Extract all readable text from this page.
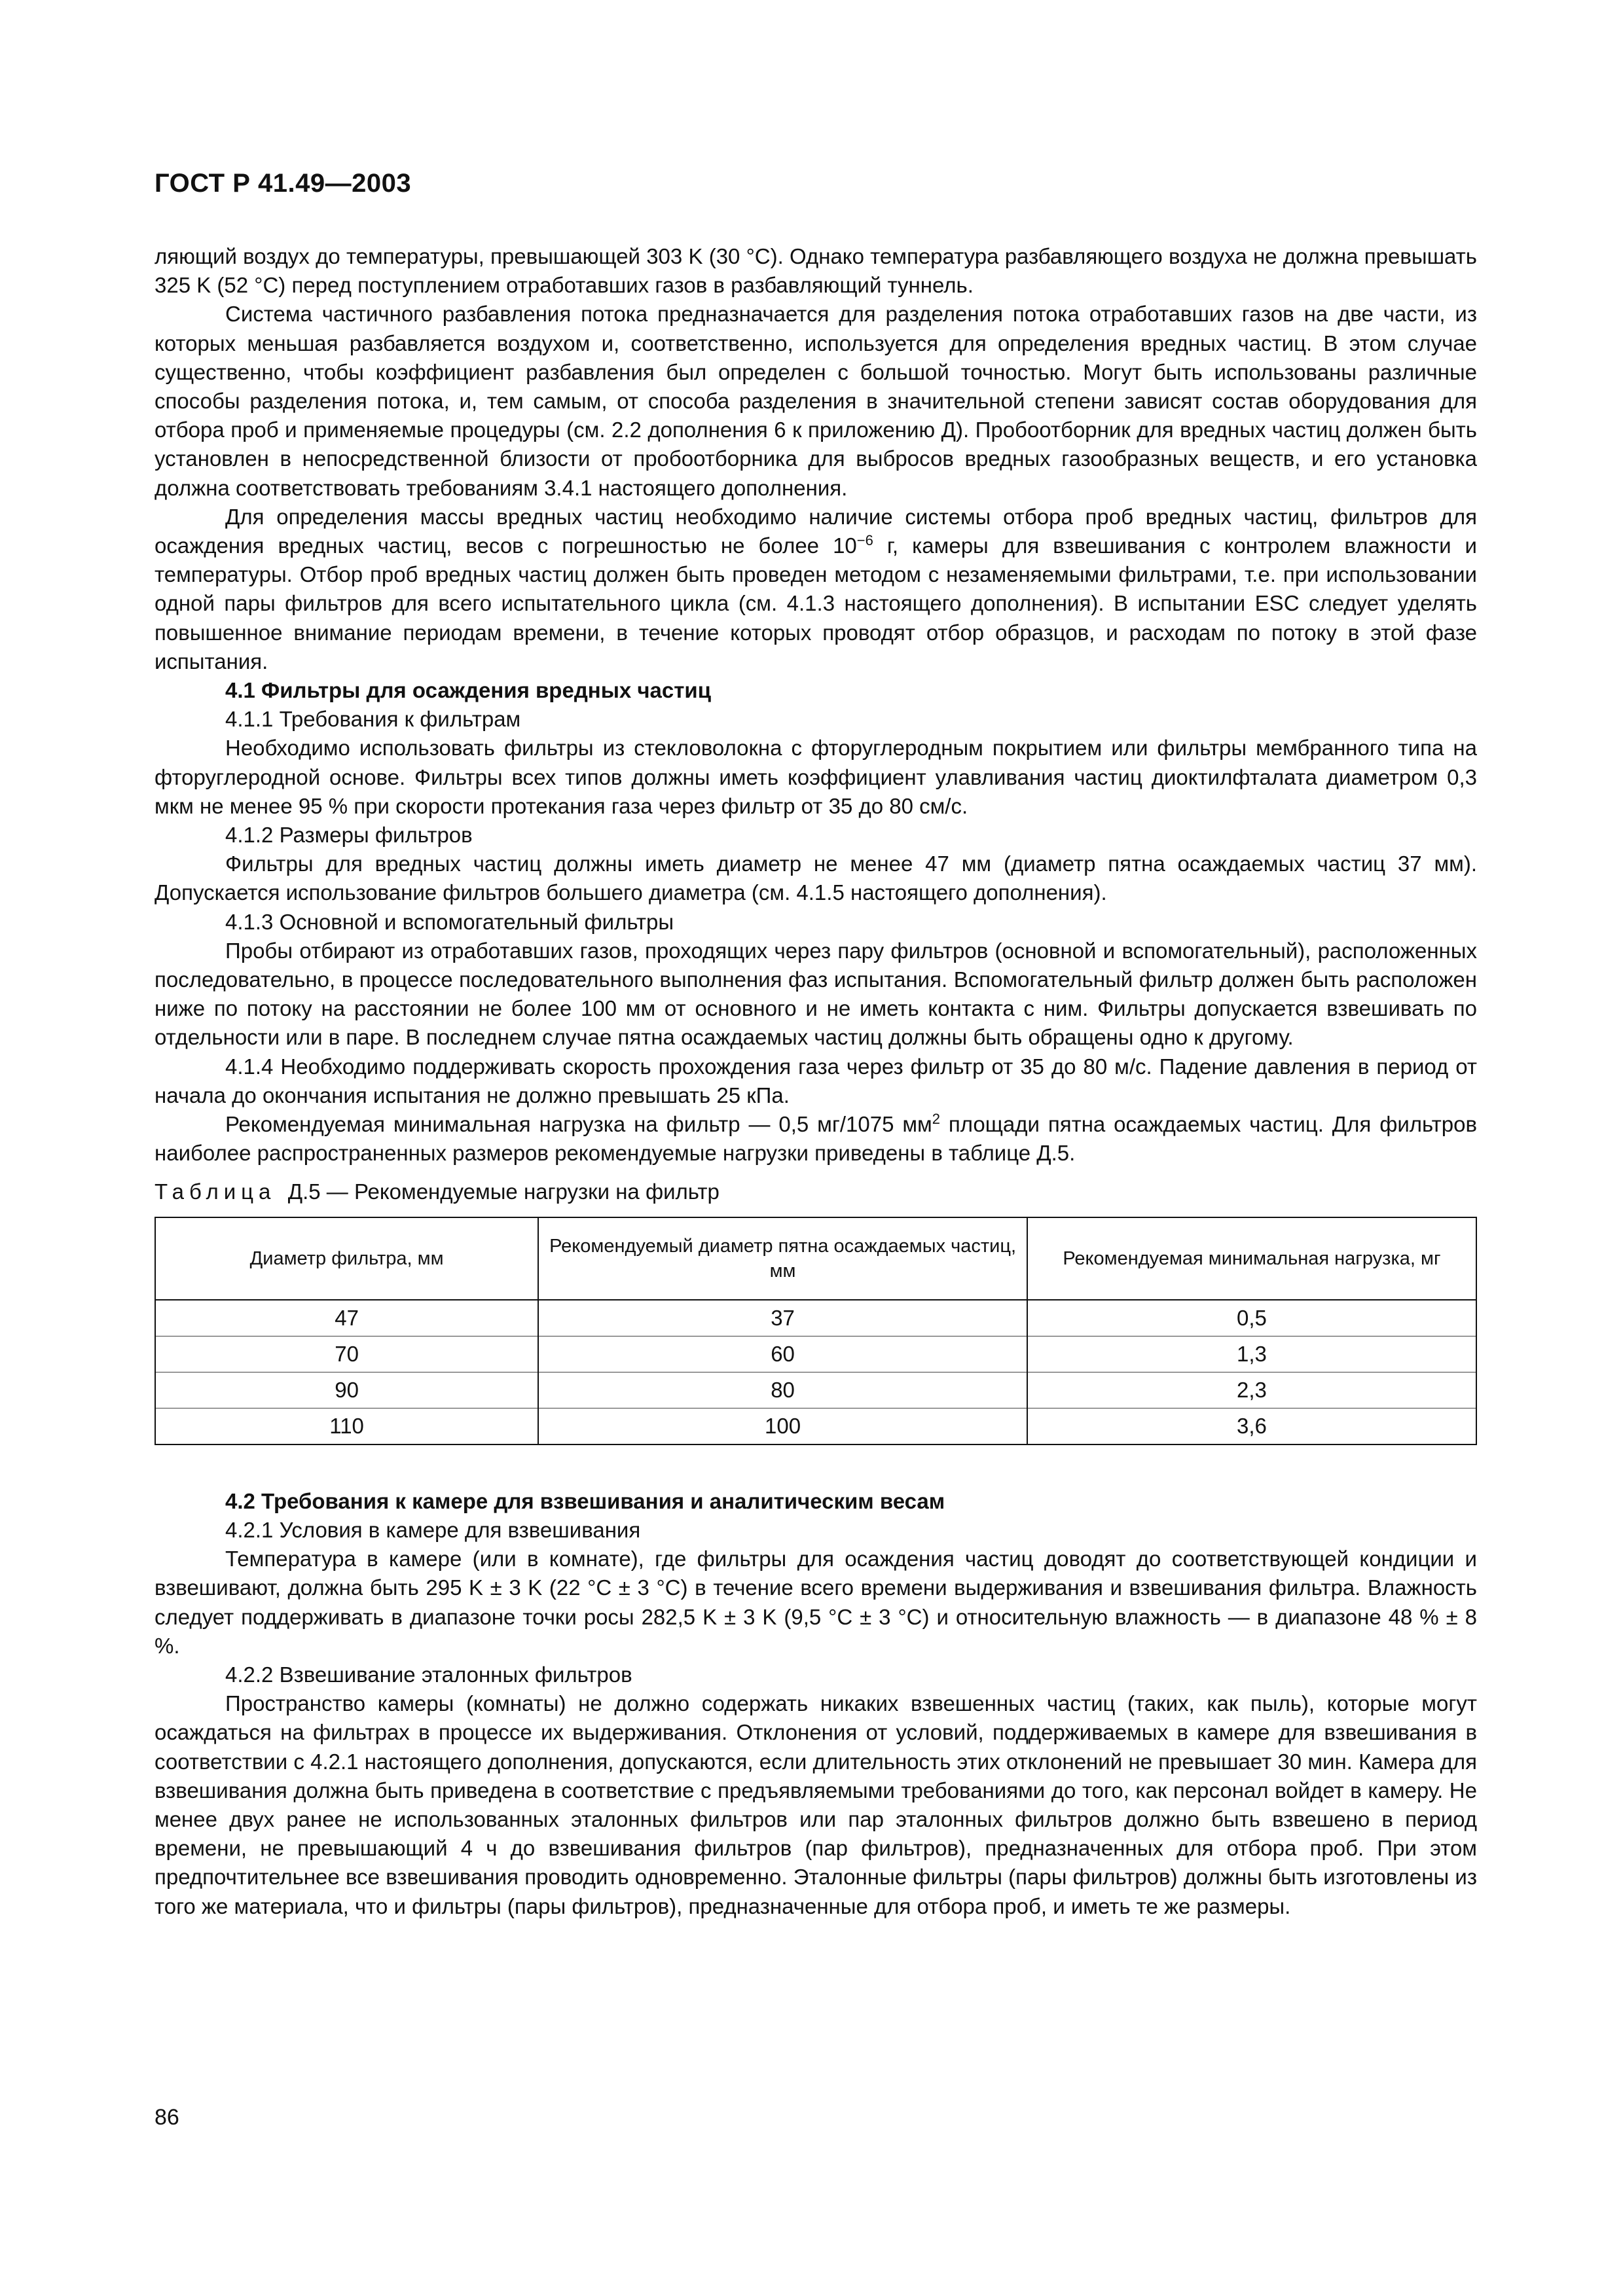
ГОСТ Р 41.49—2003

ляющий воздух до температуры, превышающей 303 K (30 °С). Однако температура разбавляющего воздуха не должна превышать 325 K (52 °С) перед поступлением отработавших газов в разбавляющий туннель.

Система частичного разбавления потока предназначается для разделения потока отработавших газов на две части, из которых меньшая разбавляется воздухом и, соответственно, используется для определения вредных частиц. В этом случае существенно, чтобы коэффициент разбавления был определен с большой точностью. Могут быть использованы различные способы разделения потока, и, тем самым, от способа разделения в значительной степени зависят состав оборудования для отбора проб и применяемые процедуры (см. 2.2 дополнения 6 к приложению Д). Пробоотборник для вредных частиц должен быть установлен в непосредственной близости от пробоотборника для выбросов вредных газообразных веществ, и его установка должна соответствовать требованиям 3.4.1 настоящего дополнения.

Для определения массы вредных частиц необходимо наличие системы отбора проб вредных частиц, фильтров для осаждения вредных частиц, весов с погрешностью не более $10^{-6}$ г, камеры для взвешивания с контролем влажности и температуры. Отбор проб вредных частиц должен быть проведен методом с незаменяемыми фильтрами, т.е. при использовании одной пары фильтров для всего испытательного цикла (см. 4.1.3 настоящего дополнения). В испытании ESC следует уделять повышенное внимание периодам времени, в течение которых проводят отбор образцов, и расходам по потоку в этой фазе испытания.

4.1 Фильтры для осаждения вредных частиц

4.1.1 Требования к фильтрам

Необходимо использовать фильтры из стекловолокна с фторуглеродным покрытием или фильтры мембранного типа на фторуглеродной основе. Фильтры всех типов должны иметь коэффициент улавливания частиц диоктилфталата диаметром 0,3 мкм не менее 95 % при скорости протекания газа через фильтр от 35 до 80 см/с.

4.1.2 Размеры фильтров

Фильтры для вредных частиц должны иметь диаметр не менее 47 мм (диаметр пятна осаждаемых частиц 37 мм). Допускается использование фильтров большего диаметра (см. 4.1.5 настоящего дополнения).

4.1.3 Основной и вспомогательный фильтры

Пробы отбирают из отработавших газов, проходящих через пару фильтров (основной и вспомогательный), расположенных последовательно, в процессе последовательного выполнения фаз испытания. Вспомогательный фильтр должен быть расположен ниже по потоку на расстоянии не более 100 мм от основного и не иметь контакта с ним. Фильтры допускается взвешивать по отдельности или в паре. В последнем случае пятна осаждаемых частиц должны быть обращены одно к другому.

4.1.4 Необходимо поддерживать скорость прохождения газа через фильтр от 35 до 80 м/с. Падение давления в период от начала до окончания испытания не должно превышать 25 кПа.

Рекомендуемая минимальная нагрузка на фильтр — 0,5 мг/1075 $мм^2$ площади пятна осаждаемых частиц. Для фильтров наиболее распространенных размеров рекомендуемые нагрузки приведены в таблице Д.5.

Таблица Д.5 — Рекомендуемые нагрузки на фильтр

Диаметр фильтра, мм	Рекомендуемый диаметр пятна осаждаемых частиц, мм	Рекомендуемая минимальная нагрузка, мг
47	37	0,5
70	60	1,3
90	80	2,3
110	100	3,6

4.2 Требования к камере для взвешивания и аналитическим весам

4.2.1 Условия в камере для взвешивания

Температура в камере (или в комнате), где фильтры для осаждения частиц доводят до соответствующей кондиции и взвешивают, должна быть 295 K ± 3 K (22 °С ± 3 °С) в течение всего времени выдерживания и взвешивания фильтра. Влажность следует поддерживать в диапазоне точки росы 282,5 K ± 3 K (9,5 °С ± 3 °С) и относительную влажность — в диапазоне 48 % ± 8 %.

4.2.2 Взвешивание эталонных фильтров

Пространство камеры (комнаты) не должно содержать никаких взвешенных частиц (таких, как пыль), которые могут осаждаться на фильтрах в процессе их выдерживания. Отклонения от условий, поддерживаемых в камере для взвешивания в соответствии с 4.2.1 настоящего дополнения, допускаются, если длительность этих отклонений не превышает 30 мин. Камера для взвешивания должна быть приведена в соответствие с предъявляемыми требованиями до того, как персонал войдет в камеру. Не менее двух ранее не использованных эталонных фильтров или пар эталонных фильтров должно быть взвешено в период времени, не превышающий 4 ч до взвешивания фильтров (пар фильтров), предназначенных для отбора проб. При этом предпочтительнее все взвешивания проводить одновременно. Эталонные фильтры (пары фильтров) должны быть изготовлены из того же материала, что и фильтры (пары фильтров), предназначенные для отбора проб, и иметь те же размеры.

86
